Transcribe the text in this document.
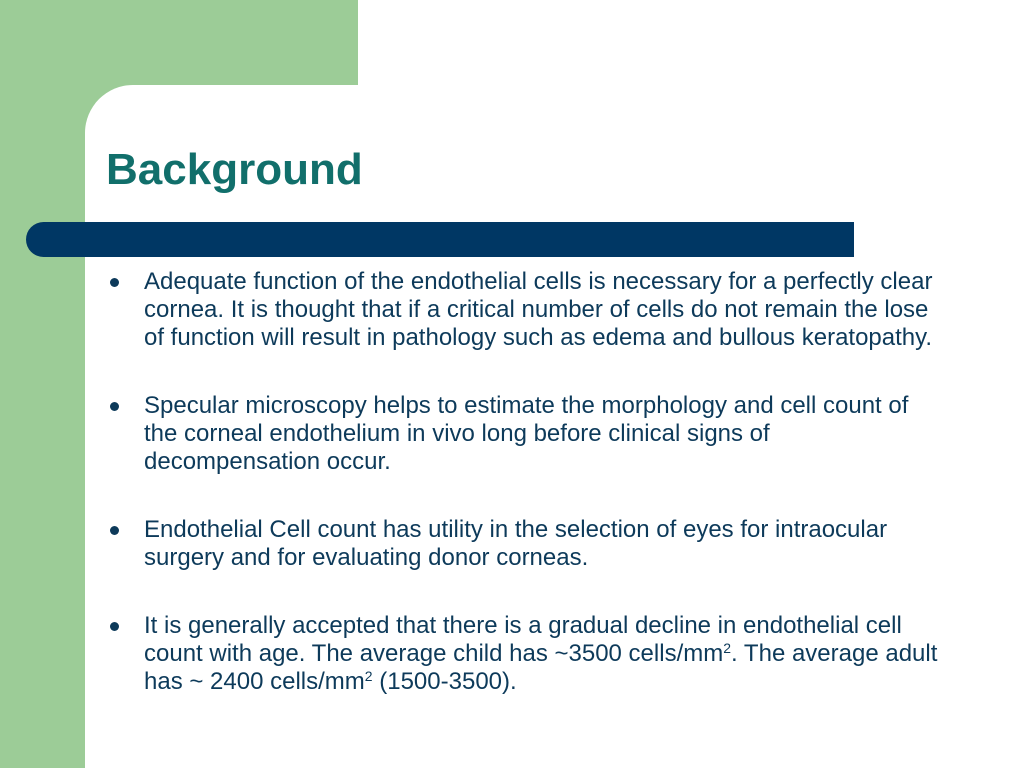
Background
Adequate function of the endothelial cells is necessary for a perfectly clear cornea. It is thought that if a critical number of cells do not remain the lose of function will result in pathology such as edema and bullous keratopathy.
Specular microscopy helps to estimate the morphology and cell count of the corneal endothelium in vivo long before clinical signs of decompensation occur.
Endothelial Cell count has utility in the selection of eyes for intraocular surgery and for evaluating donor corneas.
It is generally accepted that there is a gradual decline in endothelial cell count with age. The average child has ~3500 cells/$mm^2$. The average adult has ~ 2400 cells/$mm^2$ (1500-3500).
